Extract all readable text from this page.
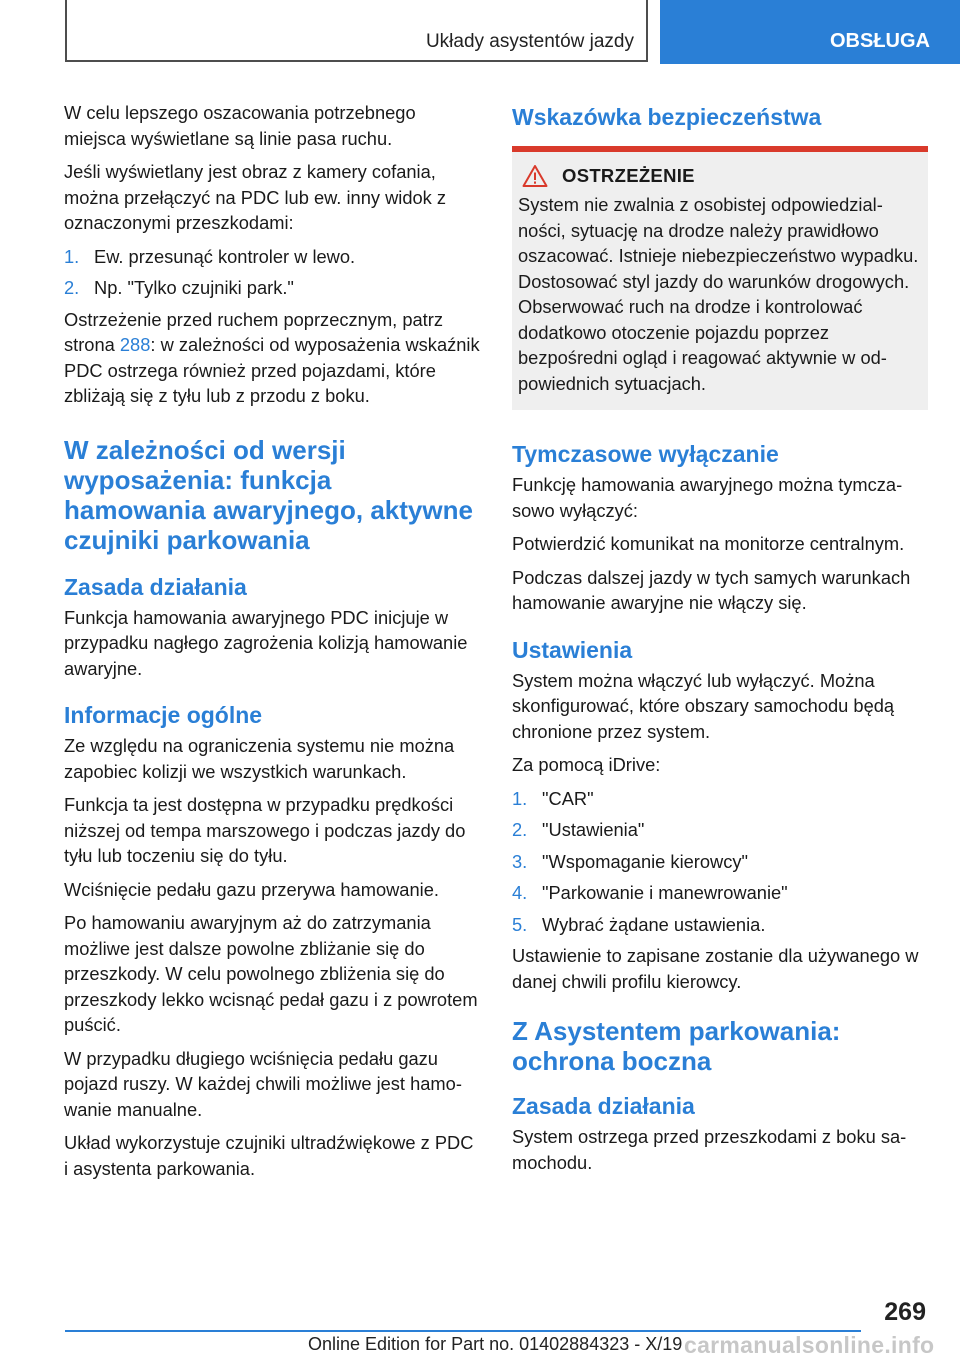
Układy asystentów jazdy	OBSŁUGA

W celu lepszego oszacowania potrzebnego miejsca wyświetlane są linie pasa ruchu.

Jeśli wyświetlany jest obraz z kamery cofania, można przełączyć na PDC lub ew. inny widok z oznaczonymi przeszkodami:

1. Ew. przesunąć kontroler w lewo.
2. Np. "Tylko czujniki park."

Ostrzeżenie przed ruchem poprzecznym, patrz strona 288: w zależności od wyposażenia wskaźnik PDC ostrzega również przed pojazdami, które zbliżają się z tyłu lub z przodu z boku.

W zależności od wersji wyposażenia: funkcja hamowania awaryjnego, aktywne czujniki parkowania
Zasada działania

Funkcja hamowania awaryjnego PDC inicjuje w przypadku nagłego zagrożenia kolizją hamowanie awaryjne.

Informacje ogólne

Ze względu na ograniczenia systemu nie można zapobiec kolizji we wszystkich warunkach.

Funkcja ta jest dostępna w przypadku prędkości niższej od tempa marszowego i podczas jazdy do tyłu lub toczeniu się do tyłu.

Wciśnięcie pedału gazu przerywa hamowanie.

Po hamowaniu awaryjnym aż do zatrzymania możliwe jest dalsze powolne zbliżanie się do przeszkody. W celu powolnego zbliżenia się do przeszkody lekko wcisnąć pedał gazu i z powrotem puścić.

W przypadku długiego wciśnięcia pedału gazu pojazd ruszy. W każdej chwili możliwe jest hamowanie manualne.

Układ wykorzystuje czujniki ultradźwiękowe z PDC i asystenta parkowania.

Wskazówka bezpieczeństwa
OSTRZEŻENIE

System nie zwalnia z osobistej odpowiedzialności, sytuację na drodze należy prawidłowo oszacować. Istnieje niebezpieczeństwo wypadku. Dostosować styl jazdy do warunków drogowych. Obserwować ruch na drodze i kontrolować dodatkowo otoczenie pojazdu poprzez bezpośredni ogląd i reagować aktywnie w odpowiednich sytuacjach.

Tymczasowe wyłączanie

Funkcję hamowania awaryjnego można tymczasowo wyłączyć:

Potwierdzić komunikat na monitorze centralnym.

Podczas dalszej jazdy w tych samych warunkach hamowanie awaryjne nie włączy się.

Ustawienia

System można włączyć lub wyłączyć. Można skonfigurować, które obszary samochodu będą chronione przez system.

Za pomocą iDrive:

1. "CAR"
2. "Ustawienia"
3. "Wspomaganie kierowcy"
4. "Parkowanie i manewrowanie"
5. Wybrać żądane ustawienia.

Ustawienie to zapisane zostanie dla używanego w danej chwili profilu kierowcy.

Z Asystentem parkowania: ochrona boczna
Zasada działania

System ostrzega przed przeszkodami z boku samochodu.

269
Online Edition for Part no. 01402884323 - X/19 carmanualsonline.info
